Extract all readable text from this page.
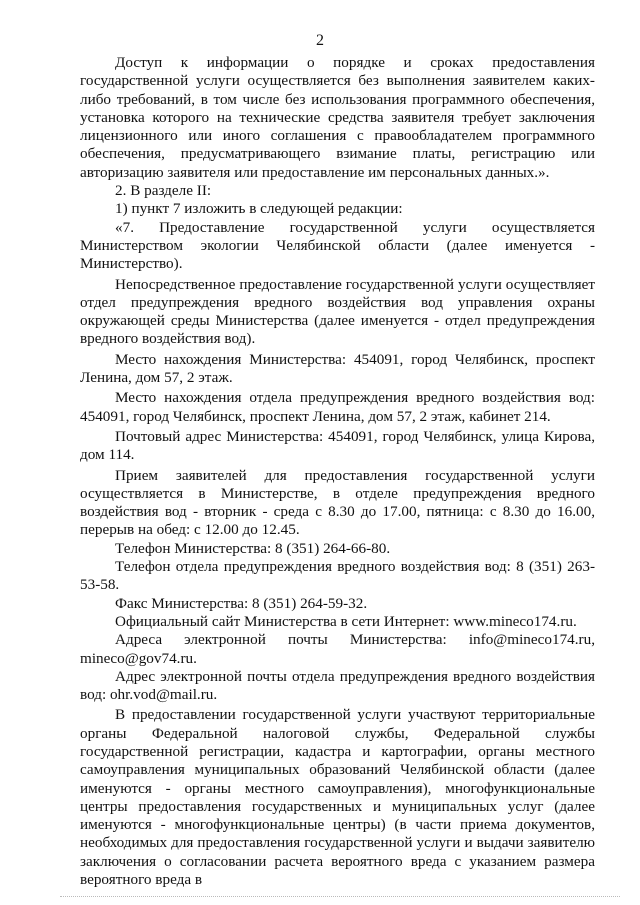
2

Доступ к информации о порядке и сроках предоставления государственной услуги осуществляется без выполнения заявителем каких-либо требований, в том числе без использования программного обеспечения, установка которого на технические средства заявителя требует заключения лицензионного или иного соглашения с правообладателем программного обеспечения, предусматривающего взимание платы, регистрацию или авторизацию заявителя или предоставление им персональных данных.».

2. В разделе II:

1) пункт 7 изложить в следующей редакции:

«7. Предоставление государственной услуги осуществляется Министерством экологии Челябинской области (далее именуется - Министерство).

Непосредственное предоставление государственной услуги осуществляет отдел предупреждения вредного воздействия вод управления охраны окружающей среды Министерства (далее именуется - отдел предупреждения вредного воздействия вод).

Место нахождения Министерства: 454091, город Челябинск, проспект Ленина, дом 57, 2 этаж.

Место нахождения отдела предупреждения вредного воздействия вод: 454091, город Челябинск, проспект Ленина, дом 57, 2 этаж, кабинет 214.

Почтовый адрес Министерства: 454091, город Челябинск, улица Кирова, дом 114.

Прием заявителей для предоставления государственной услуги осуществляется в Министерстве, в отделе предупреждения вредного воздействия вод - вторник - среда с 8.30 до 17.00, пятница: с 8.30 до 16.00, перерыв на обед: с 12.00 до 12.45.

Телефон Министерства: 8 (351) 264-66-80.

Телефон отдела предупреждения вредного воздействия вод: 8 (351) 263-53-58.

Факс Министерства: 8 (351) 264-59-32.

Официальный сайт Министерства в сети Интернет: www.mineco174.ru.

Адреса электронной почты Министерства: info@mineco174.ru, mineco@gov74.ru.

Адрес электронной почты отдела предупреждения вредного воздействия вод: ohr.vod@mail.ru.

В предоставлении государственной услуги участвуют территориальные органы Федеральной налоговой службы, Федеральной службы государственной регистрации, кадастра и картографии, органы местного самоуправления муниципальных образований Челябинской области (далее именуются - органы местного самоуправления), многофункциональные центры предоставления государственных и муниципальных услуг (далее именуются - многофункциональные центры) (в части приема документов, необходимых для предоставления государственной услуги и выдачи заявителю заключения о согласовании расчета вероятного вреда с указанием размера вероятного вреда в
